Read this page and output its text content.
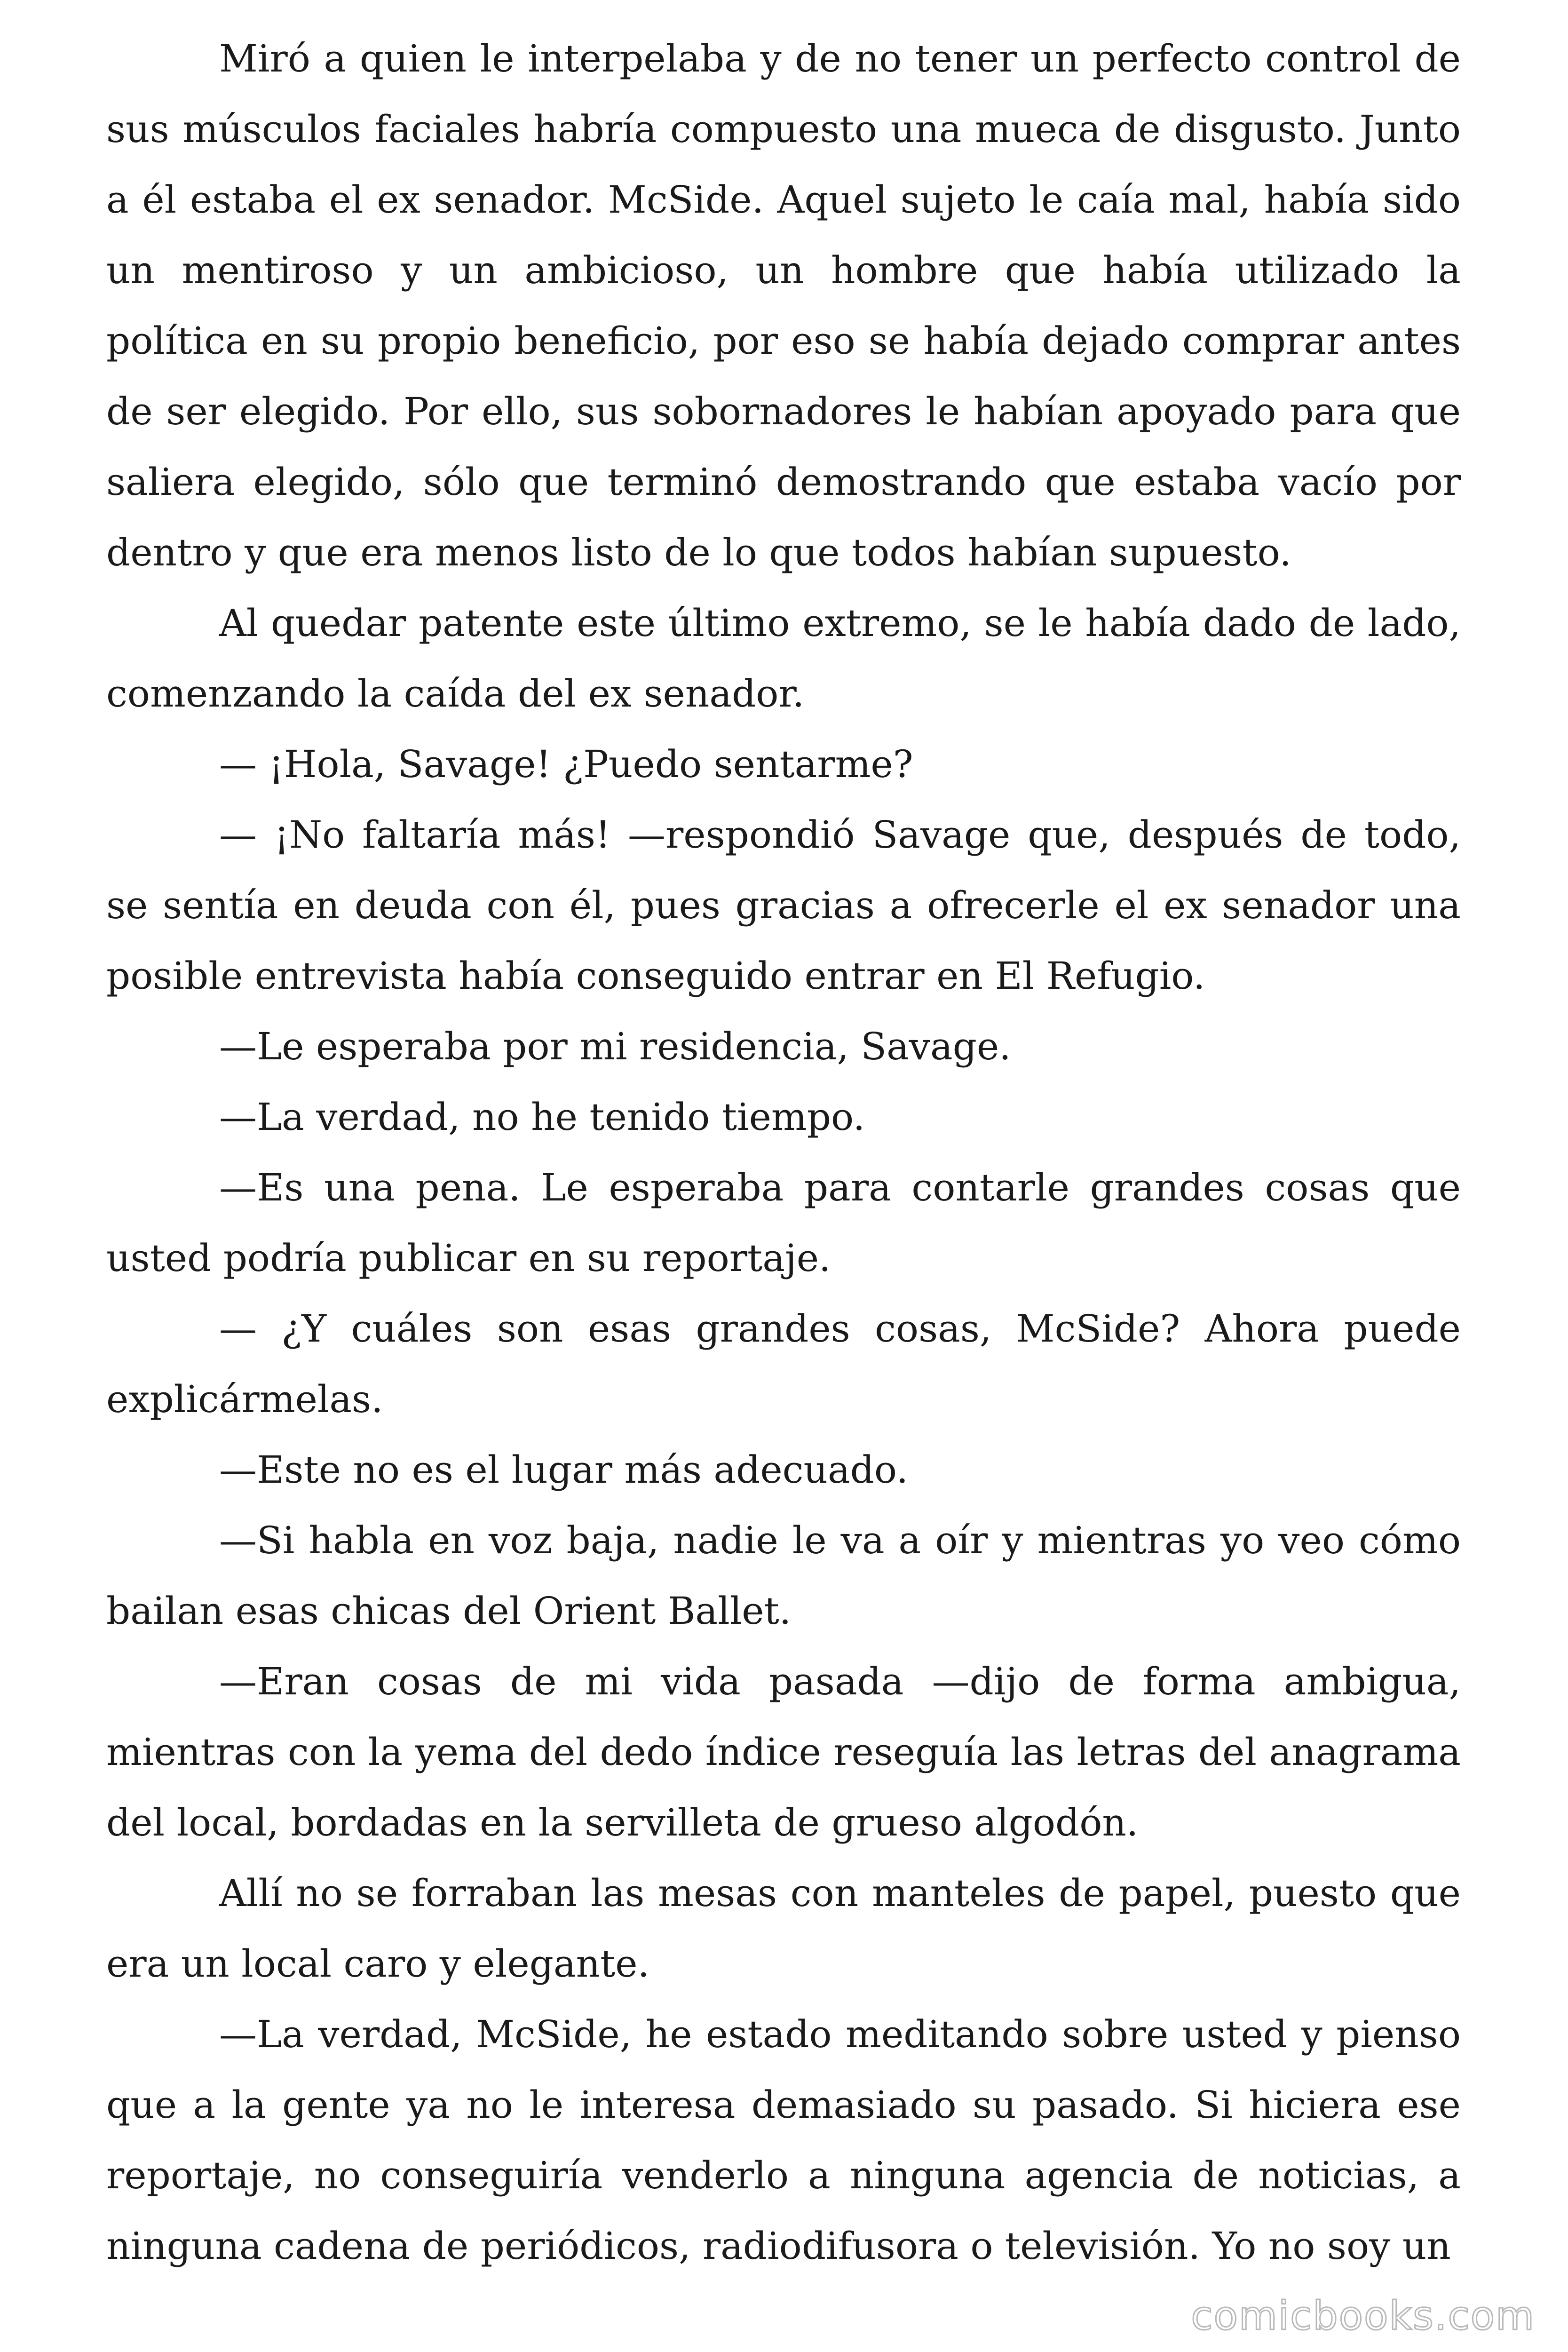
Miró a quien le interpelaba y de no tener un perfecto control de sus músculos faciales habría compuesto una mueca de disgusto. Junto a él estaba el ex senador. McSide. Aquel sujeto le caía mal, había sido un mentiroso y un ambicioso, un hombre que había utilizado la política en su propio beneficio, por eso se había dejado comprar antes de ser elegido. Por ello, sus sobornadores le habían apoyado para que saliera elegido, sólo que terminó demostrando que estaba vacío por dentro y que era menos listo de lo que todos habían supuesto.

Al quedar patente este último extremo, se le había dado de lado, comenzando la caída del ex senador.

— ¡Hola, Savage! ¿Puedo sentarme?

— ¡No faltaría más! —respondió Savage que, después de todo, se sentía en deuda con él, pues gracias a ofrecerle el ex senador una posible entrevista había conseguido entrar en El Refugio.

—Le esperaba por mi residencia, Savage.

—La verdad, no he tenido tiempo.

—Es una pena. Le esperaba para contarle grandes cosas que usted podría publicar en su reportaje.

— ¿Y cuáles son esas grandes cosas, McSide? Ahora puede explicármelas.

—Este no es el lugar más adecuado.

—Si habla en voz baja, nadie le va a oír y mientras yo veo cómo bailan esas chicas del Orient Ballet.

—Eran cosas de mi vida pasada —dijo de forma ambigua, mientras con la yema del dedo índice reseguía las letras del anagrama del local, bordadas en la servilleta de grueso algodón.

Allí no se forraban las mesas con manteles de papel, puesto que era un local caro y elegante.

—La verdad, McSide, he estado meditando sobre usted y pienso que a la gente ya no le interesa demasiado su pasado. Si hiciera ese reportaje, no conseguiría venderlo a ninguna agencia de noticias, a ninguna cadena de periódicos, radiodifusora o televisión. Yo no soy un

comicbooks.com
